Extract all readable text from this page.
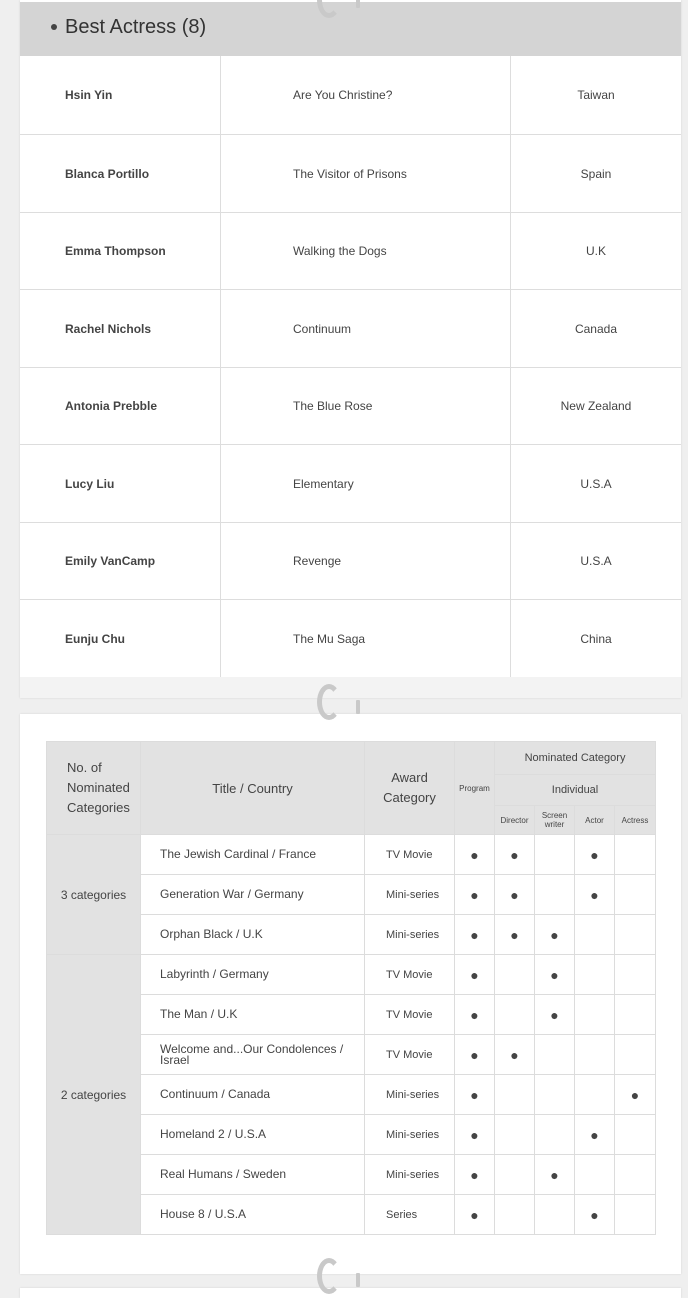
Best Actress (8)
Hsin Yin	Are You Christine?	Taiwan
Blanca Portillo	The Visitor of Prisons	Spain
Emma Thompson	Walking the Dogs	U.K
Rachel Nichols	Continuum	Canada
Antonia Prebble	The Blue Rose	New Zealand
Lucy Liu	Elementary	U.S.A
Emily VanCamp	Revenge	U.S.A
Eunju Chu	The Mu Saga	China
No. of Nominated Categories	Title / Country	Award Category	Program	Nominated Category			
				Individual			
				Director	Screen writer	Actor	Actress
3 categories	The Jewish Cardinal / France	TV Movie	●	●		●	
	Generation War / Germany	Mini-series	●	●		●	
	Orphan Black / U.K	Mini-series	●	●	●		
2 categories	Labyrinth / Germany	TV Movie	●		●		
	The Man / U.K	TV Movie	●		●		
	Welcome and...Our Condolences / Israel	TV Movie	●	●			
	Continuum / Canada	Mini-series	●				●
	Homeland 2 / U.S.A	Mini-series	●			●	
	Real Humans / Sweden	Mini-series	●		●		
	House 8 / U.S.A	Series	●			●	
